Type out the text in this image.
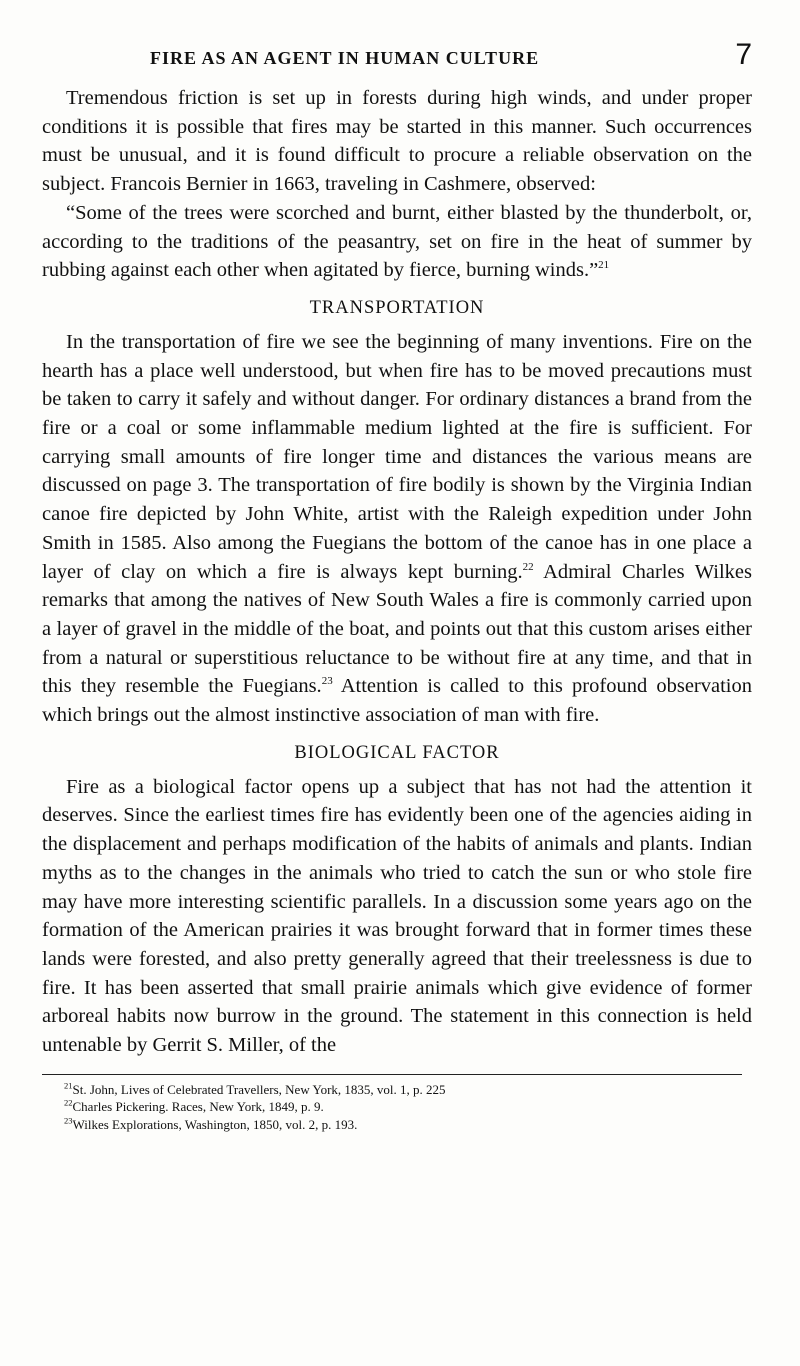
FIRE AS AN AGENT IN HUMAN CULTURE	7

Tremendous friction is set up in forests during high winds, and under proper conditions it is possible that fires may be started in this manner. Such occurrences must be unusual, and it is found difficult to procure a reliable observation on the subject. Francois Bernier in 1663, traveling in Cashmere, observed:

“Some of the trees were scorched and burnt, either blasted by the thunderbolt, or, according to the traditions of the peasantry, set on fire in the heat of summer by rubbing against each other when agitated by fierce, burning winds.”$^{21}$

TRANSPORTATION

In the transportation of fire we see the beginning of many inventions. Fire on the hearth has a place well understood, but when fire has to be moved precautions must be taken to carry it safely and without danger. For ordinary distances a brand from the fire or a coal or some inflammable medium lighted at the fire is sufficient. For carrying small amounts of fire longer time and distances the various means are discussed on page 3. The transportation of fire bodily is shown by the Virginia Indian canoe fire depicted by John White, artist with the Raleigh expedition under John Smith in 1585. Also among the Fuegians the bottom of the canoe has in one place a layer of clay on which a fire is always kept burning.$^{22}$ Admiral Charles Wilkes remarks that among the natives of New South Wales a fire is commonly carried upon a layer of gravel in the middle of the boat, and points out that this custom arises either from a natural or superstitious reluctance to be without fire at any time, and that in this they resemble the Fuegians.$^{23}$ Attention is called to this profound observation which brings out the almost instinctive association of man with fire.

BIOLOGICAL FACTOR

Fire as a biological factor opens up a subject that has not had the attention it deserves. Since the earliest times fire has evidently been one of the agencies aiding in the displacement and perhaps modification of the habits of animals and plants. Indian myths as to the changes in the animals who tried to catch the sun or who stole fire may have more interesting scientific parallels. In a discussion some years ago on the formation of the American prairies it was brought forward that in former times these lands were forested, and also pretty generally agreed that their treelessness is due to fire. It has been asserted that small prairie animals which give evidence of former arboreal habits now burrow in the ground. The statement in this connection is held untenable by Gerrit S. Miller, of the

$^{21}$St. John, Lives of Celebrated Travellers, New York, 1835, vol. 1, p. 225
$^{22}$Charles Pickering. Races, New York, 1849, p. 9.
$^{23}$Wilkes Explorations, Washington, 1850, vol. 2, p. 193.
